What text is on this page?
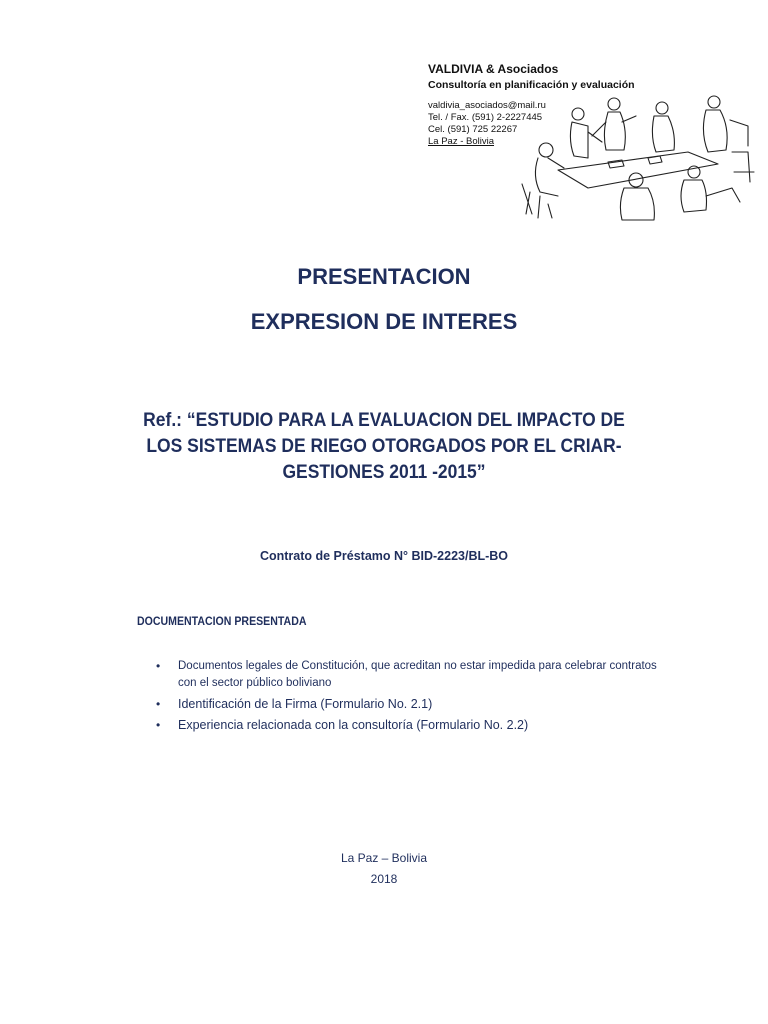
VALDIVIA & Asociados
Consultoría en planificación y evaluación
valdivia_asociados@mail.ru
Tel. / Fax. (591) 2-2227445
Cel. (591) 725 22267
La Paz - Bolivia
PRESENTACION
EXPRESION DE INTERES
Ref.: “ESTUDIO PARA LA EVALUACION DEL IMPACTO DE
LOS SISTEMAS DE RIEGO OTORGADOS POR EL CRIAR-
GESTIONES 2011 -2015”
Contrato de Préstamo N° BID-2223/BL-BO
DOCUMENTACION PRESENTADA
• Documentos legales de Constitución, que acreditan no estar impedida para celebrar contratos
con el sector público boliviano
• Identificación de la Firma (Formulario No. 2.1)
• Experiencia relacionada con la consultoría (Formulario No. 2.2)
La Paz – Bolivia
2018
